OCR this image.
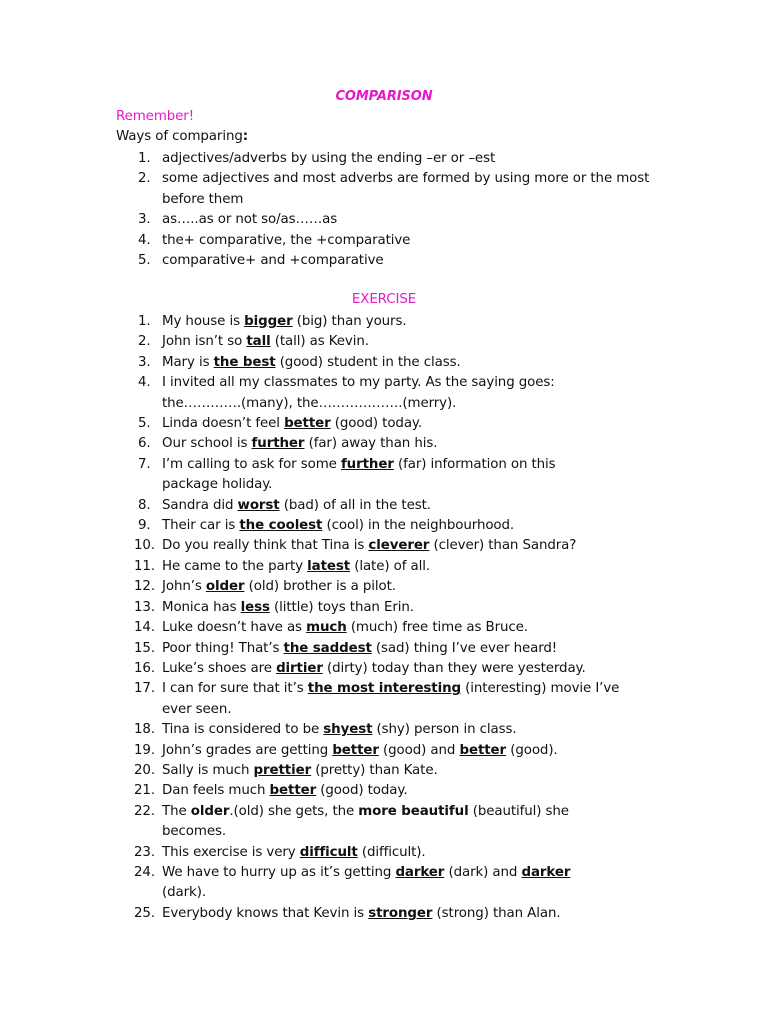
COMPARISON
Remember!
Ways of comparing:
1. adjectives/adverbs by using the ending –er or –est
2. some adjectives and most adverbs are formed by using more or the most before them
3. as…..as or not so/as……as
4. the+ comparative, the +comparative
5. comparative+ and +comparative
EXERCISE
1. My house is bigger (big) than yours.
2. John isn’t so tall (tall) as Kevin.
3. Mary is the best (good) student in the class.
4. I invited all my classmates to my party. As the saying goes: the………….(many), the……………….(merry).
5. Linda doesn’t feel better (good) today.
6. Our school is further (far) away than his.
7. I’m calling to ask for some further (far) information on this package holiday.
8. Sandra did worst (bad) of all in the test.
9. Their car is the coolest (cool) in the neighbourhood.
10. Do you really think that Tina is cleverer (clever) than Sandra?
11. He came to the party latest (late) of all.
12. John’s older (old) brother is a pilot.
13. Monica has less (little) toys than Erin.
14. Luke doesn’t have as much (much) free time as Bruce.
15. Poor thing! That’s the saddest (sad) thing I’ve ever heard!
16. Luke’s shoes are dirtier (dirty) today than they were yesterday.
17. I can for sure that it’s the most interesting (interesting) movie I’ve ever seen.
18. Tina is considered to be shyest (shy) person in class.
19. John’s grades are getting better (good) and better (good).
20. Sally is much prettier (pretty) than Kate.
21. Dan feels much better (good) today.
22. The older.(old) she gets, the more beautiful (beautiful) she becomes.
23. This exercise is very difficult (difficult).
24. We have to hurry up as it’s getting darker (dark) and darker (dark).
25. Everybody knows that Kevin is stronger (strong) than Alan.
